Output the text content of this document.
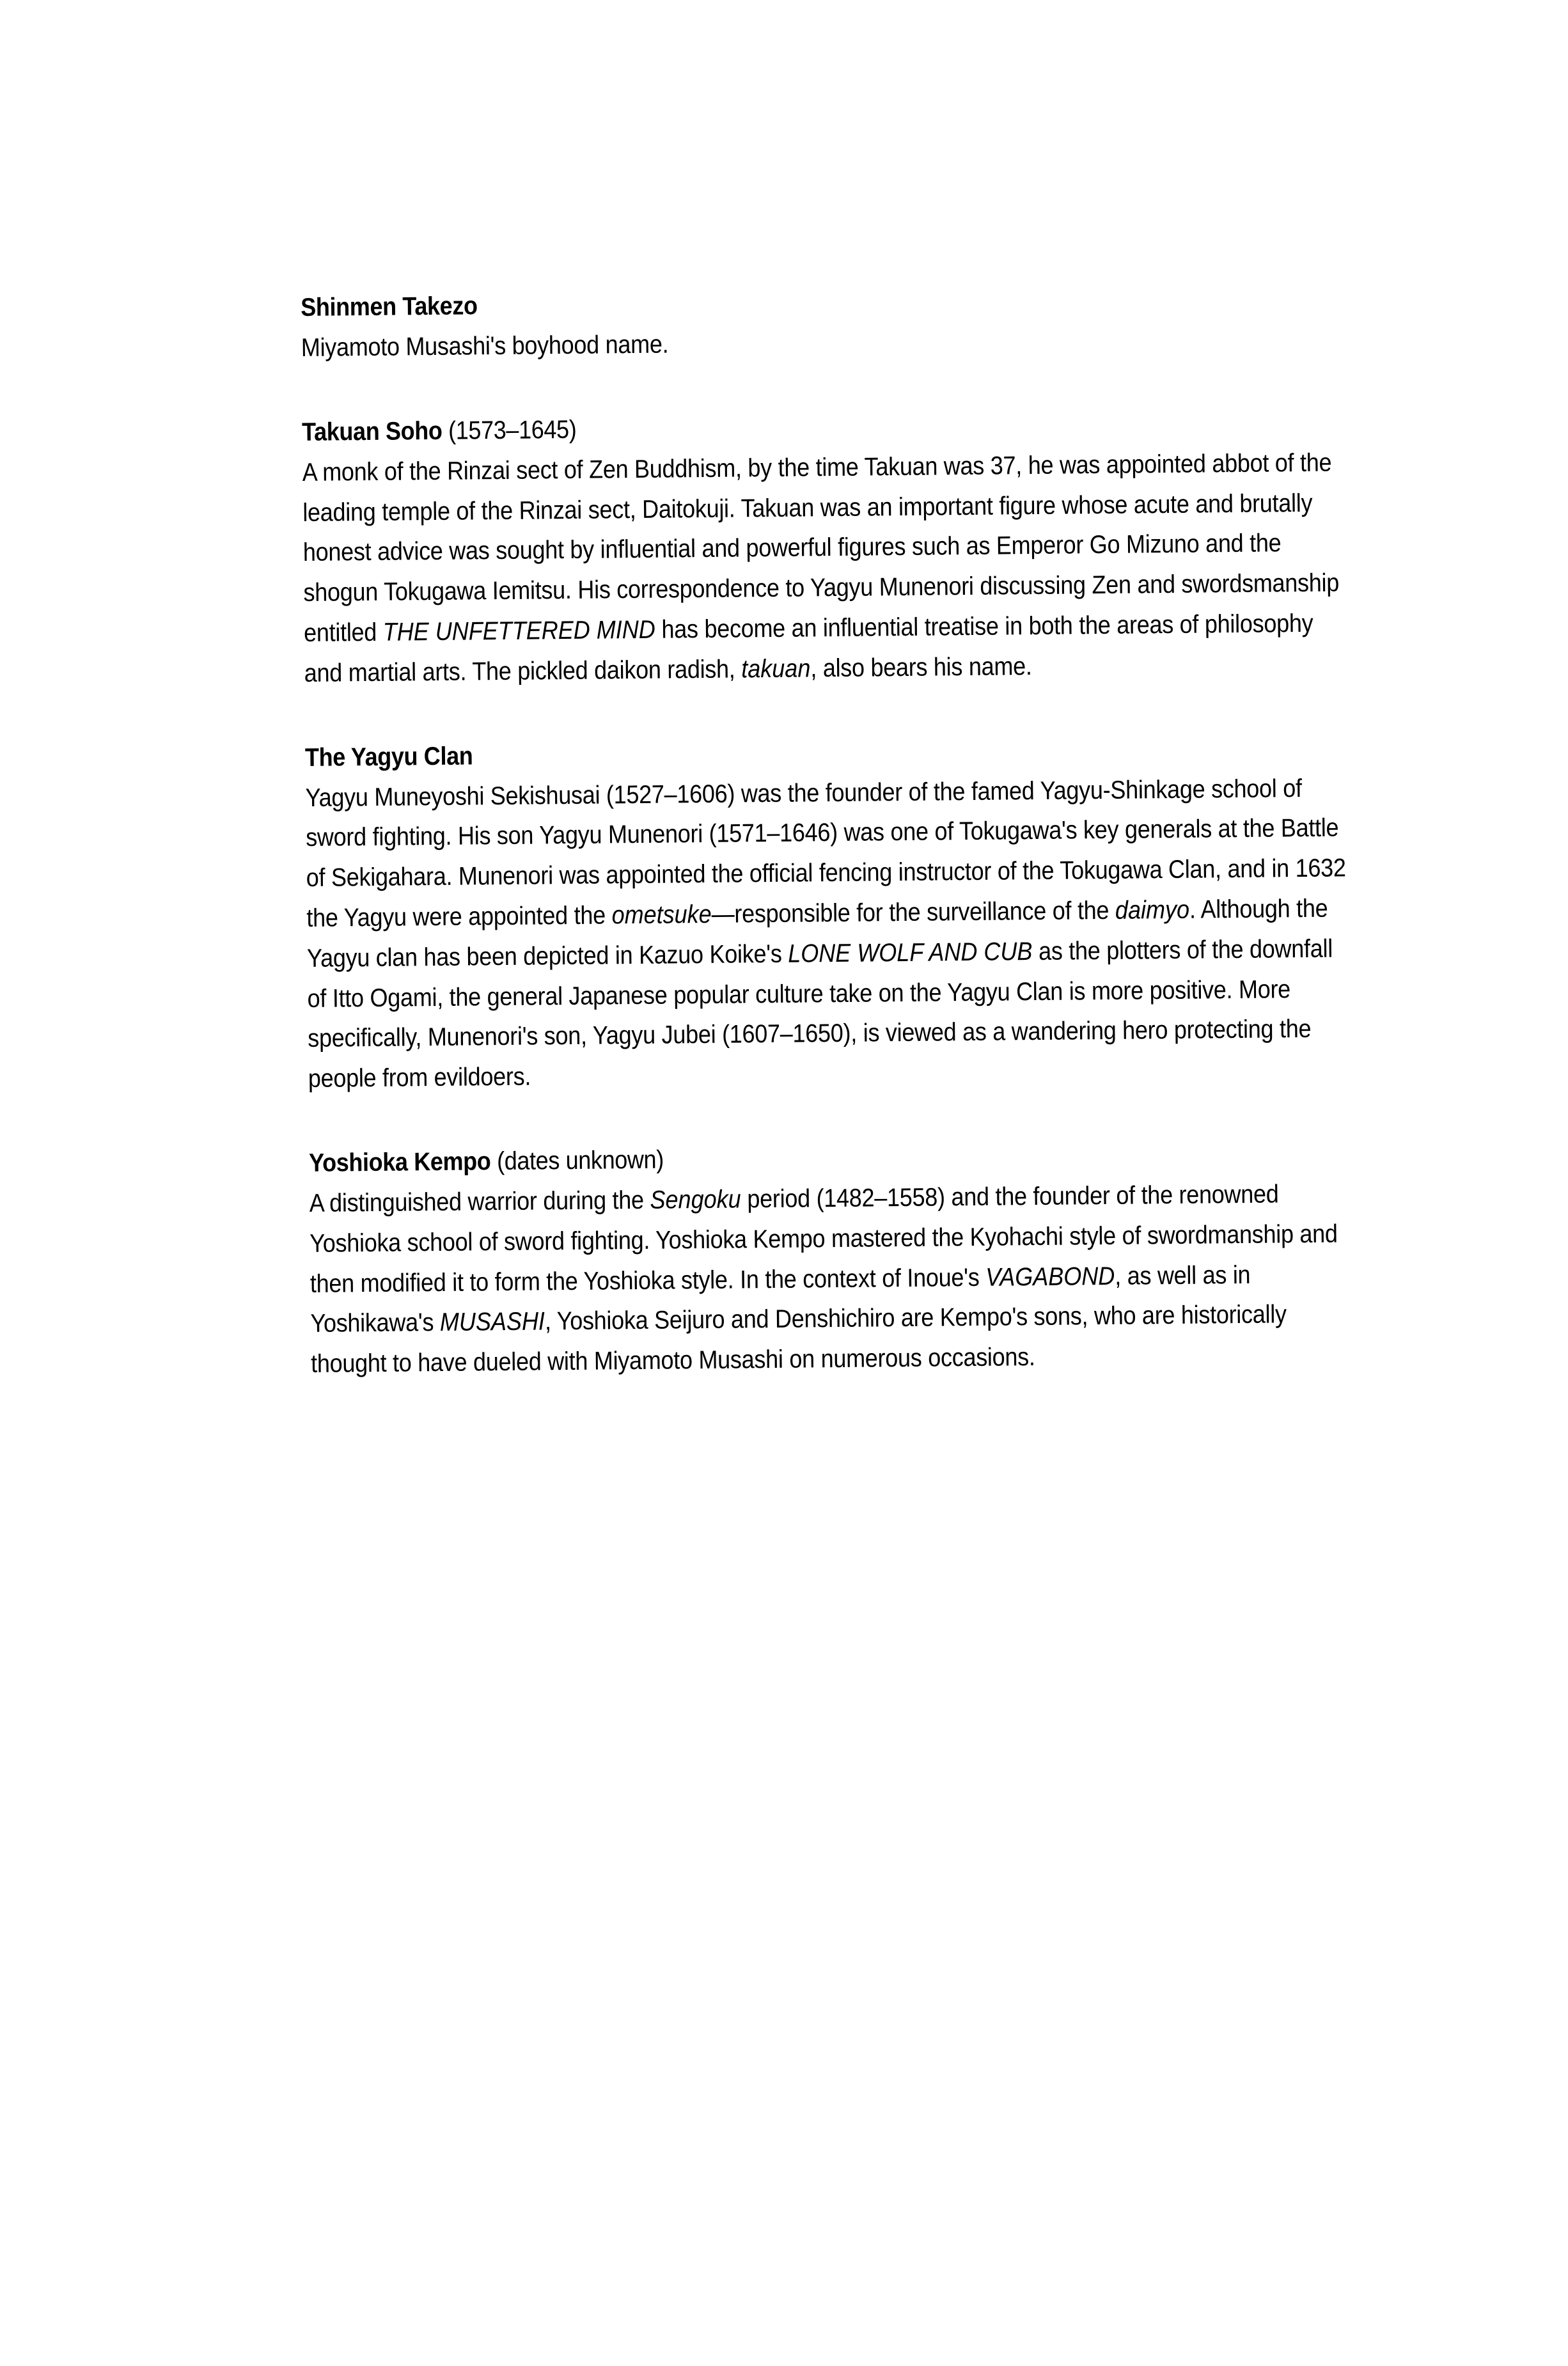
Shinmen Takezo

Miyamoto Musashi's boyhood name.

Takuan Soho (1573–1645)

A monk of the Rinzai sect of Zen Buddhism, by the time Takuan was 37, he was appointed abbot of the leading temple of the Rinzai sect, Daitokuji. Takuan was an important figure whose acute and brutally honest advice was sought by influential and powerful figures such as Emperor Go Mizuno and the shogun Tokugawa Iemitsu. His correspondence to Yagyu Munenori discussing Zen and swordsmanship entitled THE UNFETTERED MIND has become an influential treatise in both the areas of philosophy and martial arts. The pickled daikon radish, takuan, also bears his name.

The Yagyu Clan

Yagyu Muneyoshi Sekishusai (1527–1606) was the founder of the famed Yagyu-Shinkage school of sword fighting. His son Yagyu Munenori (1571–1646) was one of Tokugawa's key generals at the Battle of Sekigahara. Munenori was appointed the official fencing instructor of the Tokugawa Clan, and in 1632 the Yagyu were appointed the ometsuke—responsible for the surveillance of the daimyo. Although the Yagyu clan has been depicted in Kazuo Koike's LONE WOLF AND CUB as the plotters of the downfall of Itto Ogami, the general Japanese popular culture take on the Yagyu Clan is more positive. More specifically, Munenori's son, Yagyu Jubei (1607–1650), is viewed as a wandering hero protecting the people from evildoers.

Yoshioka Kempo (dates unknown)

A distinguished warrior during the Sengoku period (1482–1558) and the founder of the renowned Yoshioka school of sword fighting. Yoshioka Kempo mastered the Kyohachi style of swordmanship and then modified it to form the Yoshioka style. In the context of Inoue's VAGABOND, as well as in Yoshikawa's MUSASHI, Yoshioka Seijuro and Denshichiro are Kempo's sons, who are historically thought to have dueled with Miyamoto Musashi on numerous occasions.
